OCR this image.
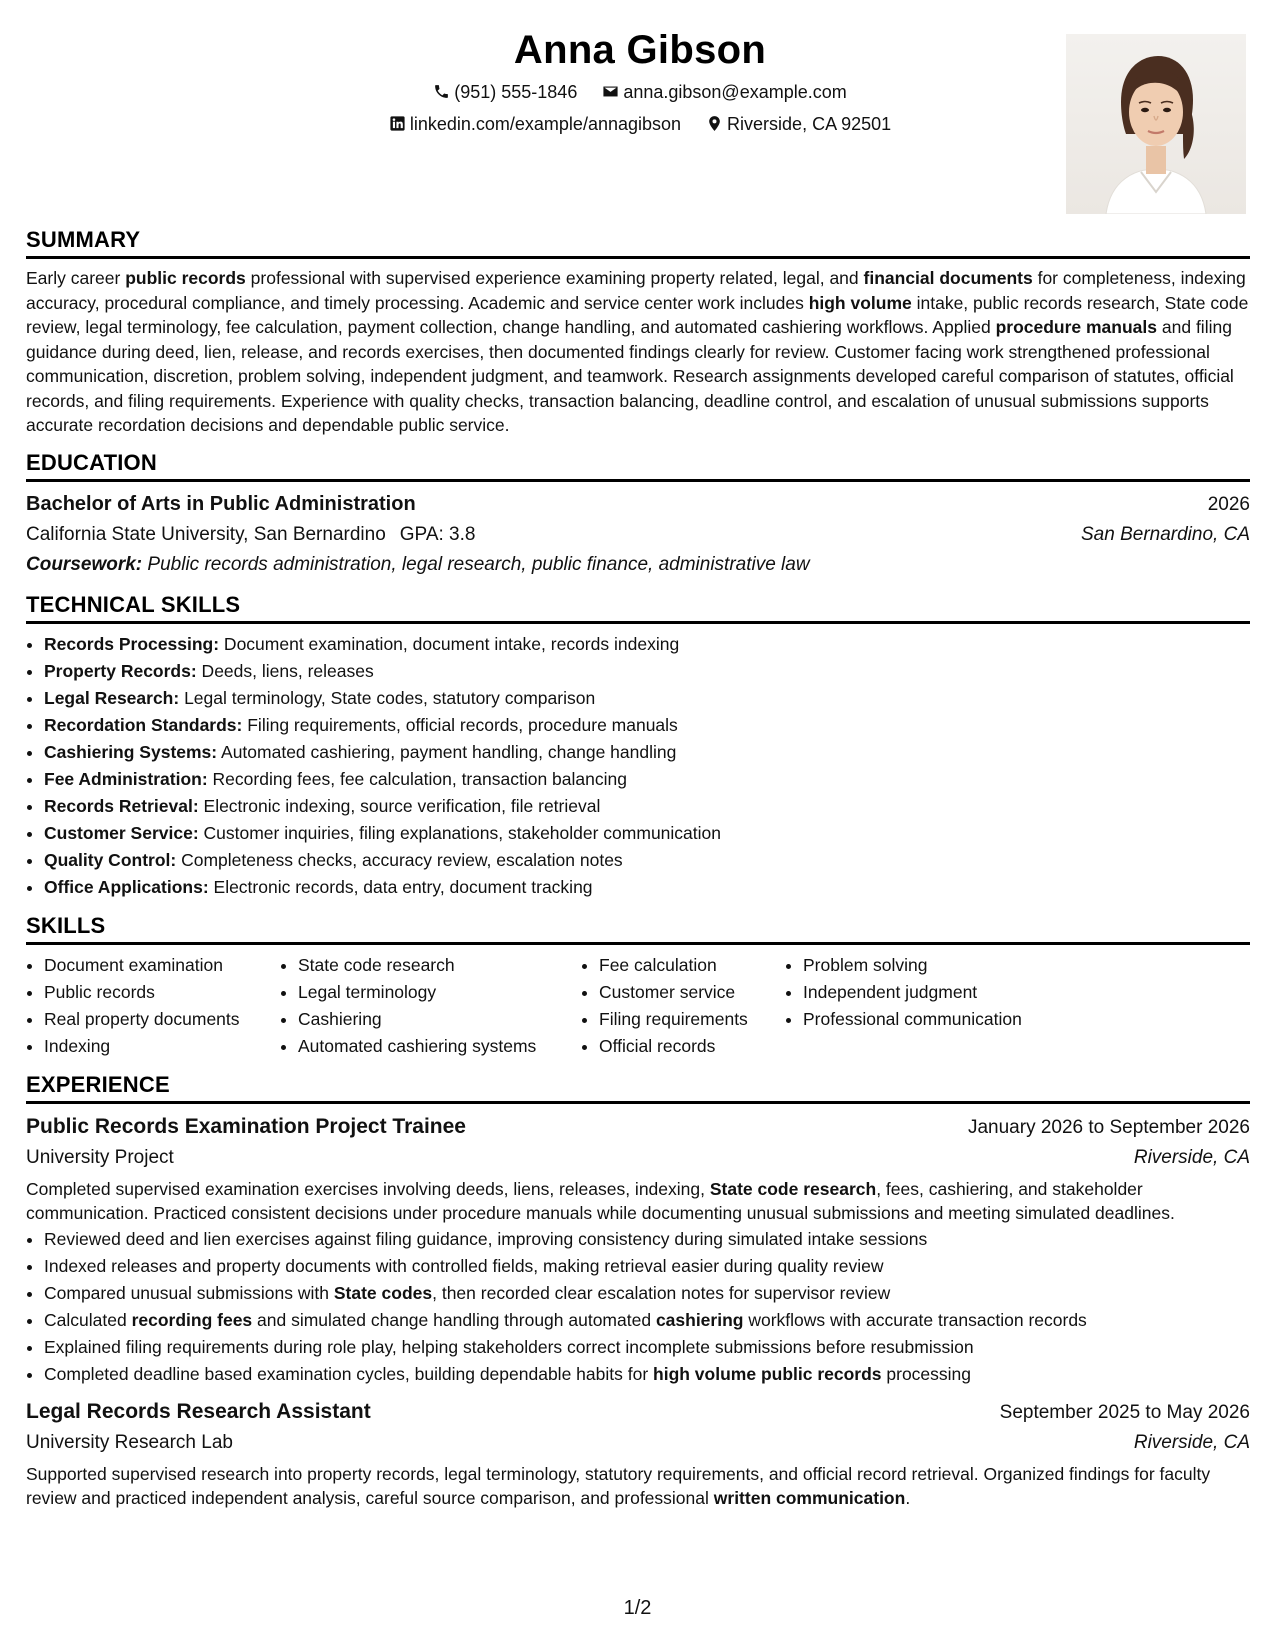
Anna Gibson
(951) 555-1846	anna.gibson@example.com
linkedin.com/example/annagibson	Riverside, CA 92501
SUMMARY

Early career public records professional with supervised experience examining property related, legal, and financial documents for completeness, indexing accuracy, procedural compliance, and timely processing. Academic and service center work includes high volume intake, public records research, State code review, legal terminology, fee calculation, payment collection, change handling, and automated cashiering workflows. Applied procedure manuals and filing guidance during deed, lien, release, and records exercises, then documented findings clearly for review. Customer facing work strengthened professional communication, discretion, problem solving, independent judgment, and teamwork. Research assignments developed careful comparison of statutes, official records, and filing requirements. Experience with quality checks, transaction balancing, deadline control, and escalation of unusual submissions supports accurate recordation decisions and dependable public service.

EDUCATION
Bachelor of Arts in Public Administration	2026
California State University, San Bernardino GPA: 3.8	San Bernardino, CA
Coursework: Public records administration, legal research, public finance, administrative law
TECHNICAL SKILLS
• Records Processing: Document examination, document intake, records indexing
• Property Records: Deeds, liens, releases
• Legal Research: Legal terminology, State codes, statutory comparison
• Recordation Standards: Filing requirements, official records, procedure manuals
• Cashiering Systems: Automated cashiering, payment handling, change handling
• Fee Administration: Recording fees, fee calculation, transaction balancing
• Records Retrieval: Electronic indexing, source verification, file retrieval
• Customer Service: Customer inquiries, filing explanations, stakeholder communication
• Quality Control: Completeness checks, accuracy review, escalation notes
• Office Applications: Electronic records, data entry, document tracking
SKILLS
• Document examination
• Public records
• Real property documents
• Indexing
• State code research
• Legal terminology
• Cashiering
• Automated cashiering systems
• Fee calculation
• Customer service
• Filing requirements
• Official records
• Problem solving
• Independent judgment
• Professional communication
EXPERIENCE
Public Records Examination Project Trainee	January 2026 to September 2026
University Project	Riverside, CA

Completed supervised examination exercises involving deeds, liens, releases, indexing, State code research, fees, cashiering, and stakeholder communication. Practiced consistent decisions under procedure manuals while documenting unusual submissions and meeting simulated deadlines.

• Reviewed deed and lien exercises against filing guidance, improving consistency during simulated intake sessions
• Indexed releases and property documents with controlled fields, making retrieval easier during quality review
• Compared unusual submissions with State codes, then recorded clear escalation notes for supervisor review
• Calculated recording fees and simulated change handling through automated cashiering workflows with accurate transaction records
• Explained filing requirements during role play, helping stakeholders correct incomplete submissions before resubmission
• Completed deadline based examination cycles, building dependable habits for high volume public records processing
Legal Records Research Assistant	September 2025 to May 2026
University Research Lab	Riverside, CA

Supported supervised research into property records, legal terminology, statutory requirements, and official record retrieval. Organized findings for faculty review and practiced independent analysis, careful source comparison, and professional written communication.

1/2
